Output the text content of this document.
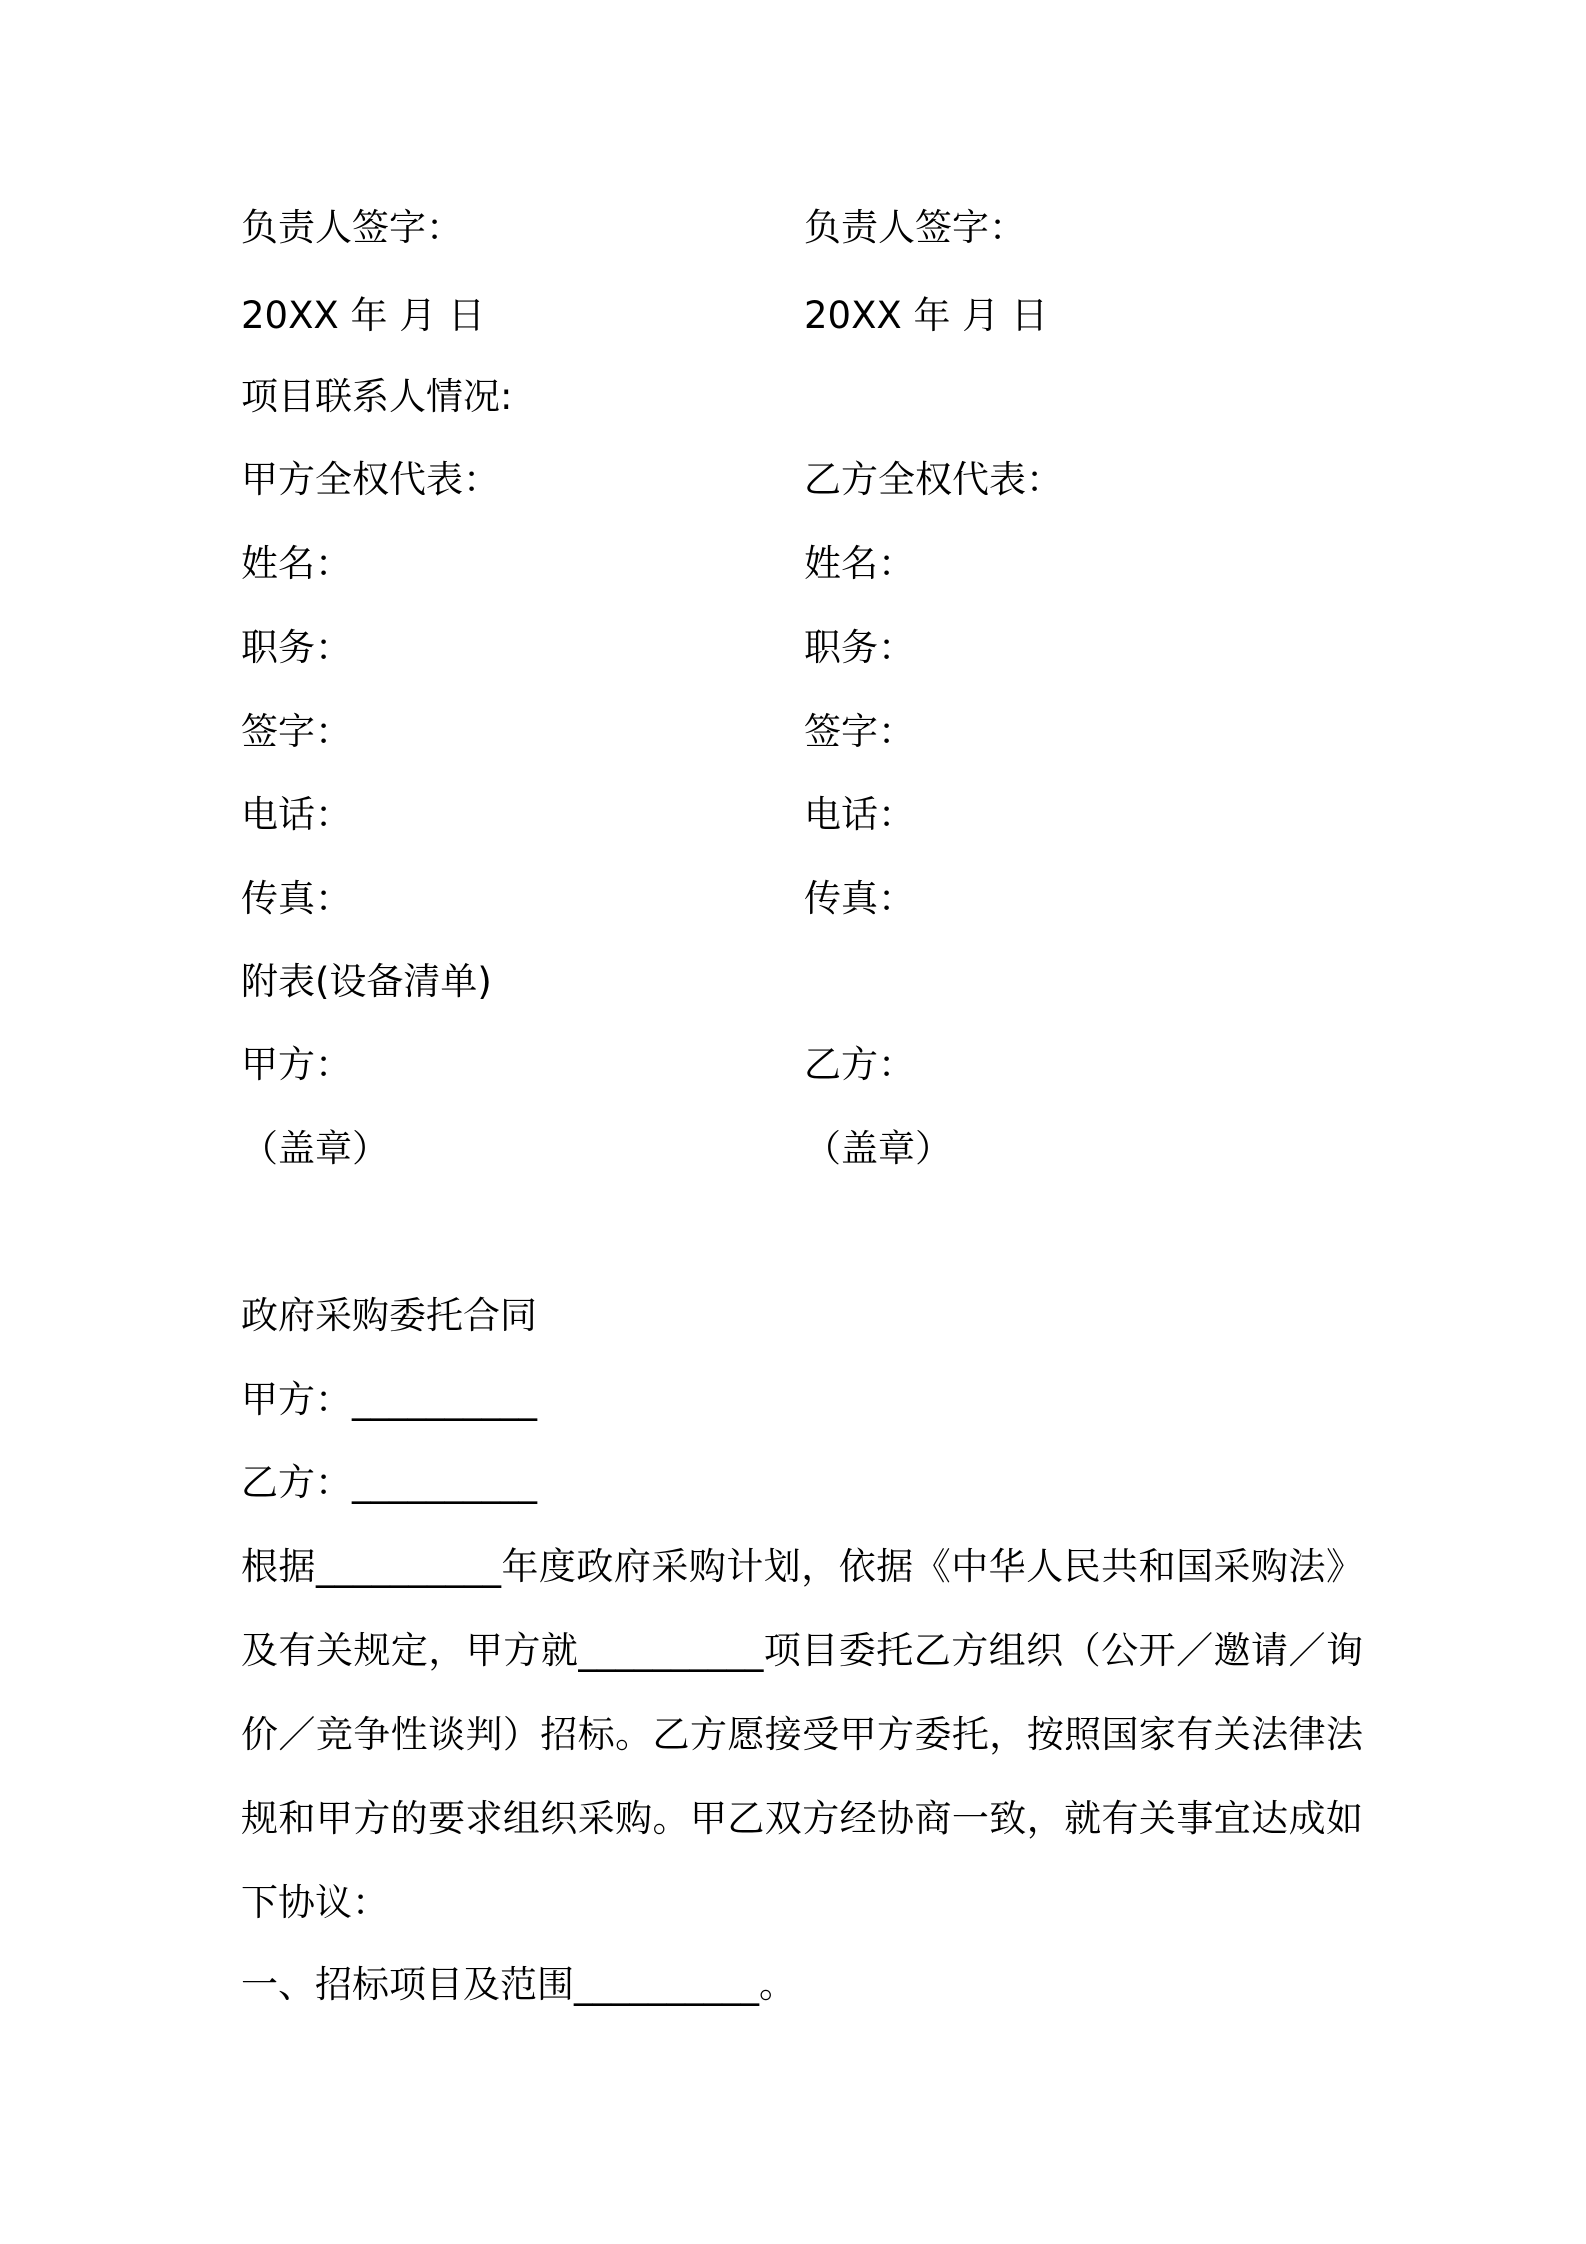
负责人签字：	负责人签字：
20XX 年 月 日	20XX 年 月 日
项目联系人情况:
甲方全权代表：	乙方全权代表：
姓名：	姓名：
职务：	职务：
签字：	签字：
电话：	电话：
传真：	传真：
附表(设备清单)
甲方：	乙方：
（盖章）	（盖章）
政府采购委托合同
甲方：__________
乙方：__________
根据__________年度政府采购计划，依据《中华人民共和国采购法》及有关规定，甲方就__________项目委托乙方组织（公开／邀请／询价／竞争性谈判）招标。乙方愿接受甲方委托，按照国家有关法律法规和甲方的要求组织采购。甲乙双方经协商一致，就有关事宜达成如下协议：
一、招标项目及范围__________。
